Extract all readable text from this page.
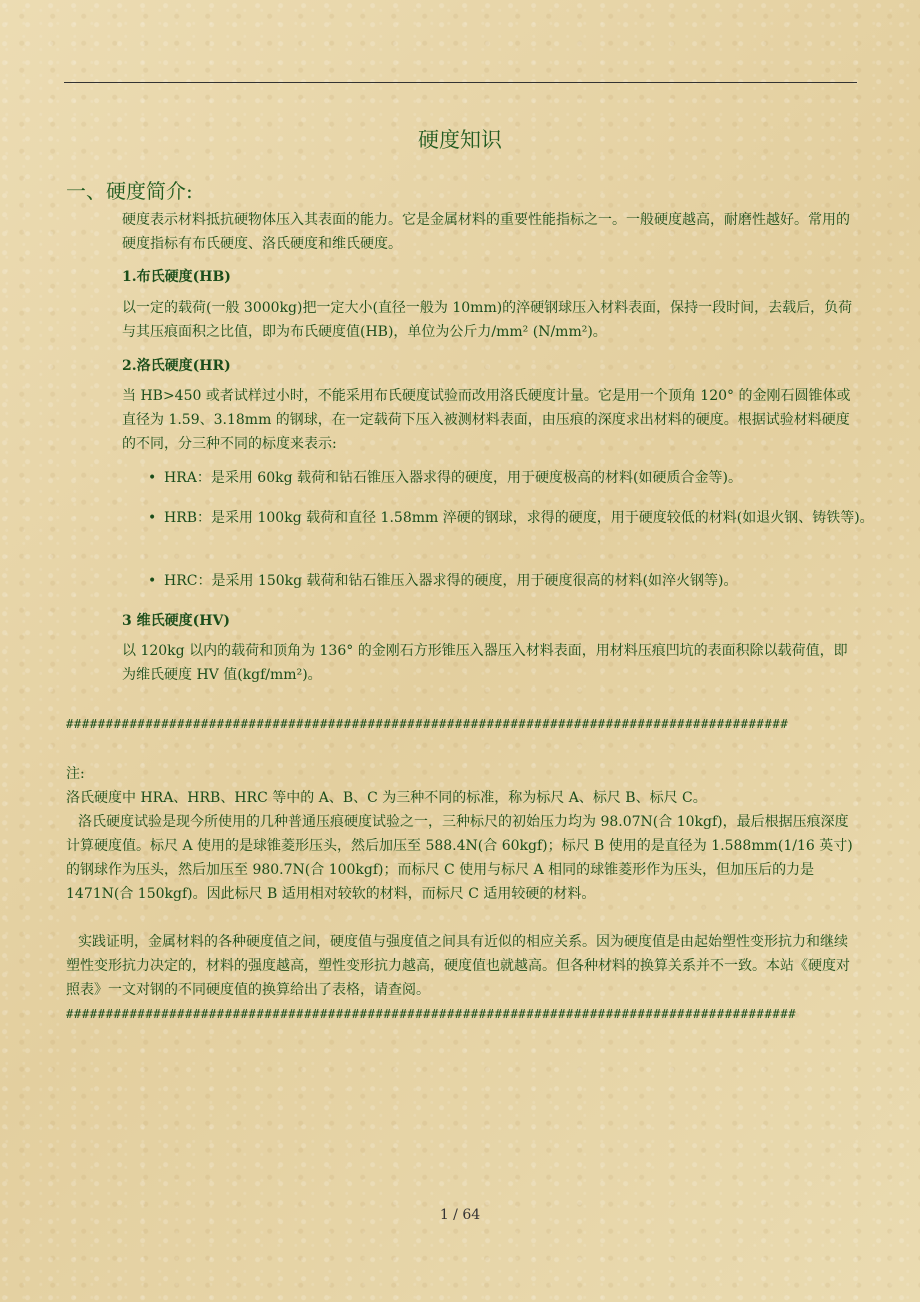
硬度知识
一、硬度简介:
硬度表示材料抵抗硬物体压入其表面的能力。它是金属材料的重要性能指标之一。一般硬度越高，耐磨性越好。常用的硬度指标有布氏硬度、洛氏硬度和维氏硬度。
1.布氏硬度(HB)
以一定的载荷(一般 3000kg)把一定大小(直径一般为 10mm)的淬硬钢球压入材料表面，保持一段时间，去载后，负荷与其压痕面积之比值，即为布氏硬度值(HB)，单位为公斤力/mm² (N/mm²)。
2.洛氏硬度(HR)
当 HB>450 或者试样过小时，不能采用布氏硬度试验而改用洛氏硬度计量。它是用一个顶角 120° 的金刚石圆锥体或直径为 1.59、3.18mm 的钢球，在一定载荷下压入被测材料表面，由压痕的深度求出材料的硬度。根据试验材料硬度的不同，分三种不同的标度来表示:
• HRA：是采用 60kg 载荷和钻石锥压入器求得的硬度，用于硬度极高的材料(如硬质合金等)。
• HRB：是采用 100kg 载荷和直径 1.58mm 淬硬的钢球，求得的硬度，用于硬度较低的材料(如退火钢、铸铁等)。
• HRC：是采用 150kg 载荷和钻石锥压入器求得的硬度，用于硬度很高的材料(如淬火钢等)。
3 维氏硬度(HV)
以 120kg 以内的载荷和顶角为 136° 的金刚石方形锥压入器压入材料表面，用材料压痕凹坑的表面积除以载荷值，即为维氏硬度 HV 值(kgf/mm²)。
###########################################################################################
注:
洛氏硬度中 HRA、HRB、HRC 等中的 A、B、C 为三种不同的标准，称为标尺 A、标尺 B、标尺 C。
洛氏硬度试验是现今所使用的几种普通压痕硬度试验之一，三种标尺的初始压力均为 98.07N(合 10kgf)，最后根据压痕深度计算硬度值。标尺 A 使用的是球锥菱形压头，然后加压至 588.4N(合 60kgf)；标尺 B 使用的是直径为 1.588mm(1/16 英寸)的钢球作为压头，然后加压至 980.7N(合 100kgf)；而标尺 C 使用与标尺 A 相同的球锥菱形作为压头，但加压后的力是 1471N(合 150kgf)。因此标尺 B 适用相对较软的材料，而标尺 C 适用较硬的材料。
实践证明，金属材料的各种硬度值之间，硬度值与强度值之间具有近似的相应关系。因为硬度值是由起始塑性变形抗力和继续塑性变形抗力决定的，材料的强度越高，塑性变形抗力越高，硬度值也就越高。但各种材料的换算关系并不一致。本站《硬度对照表》一文对钢的不同硬度值的换算给出了表格，请查阅。
############################################################################################
1 / 64
